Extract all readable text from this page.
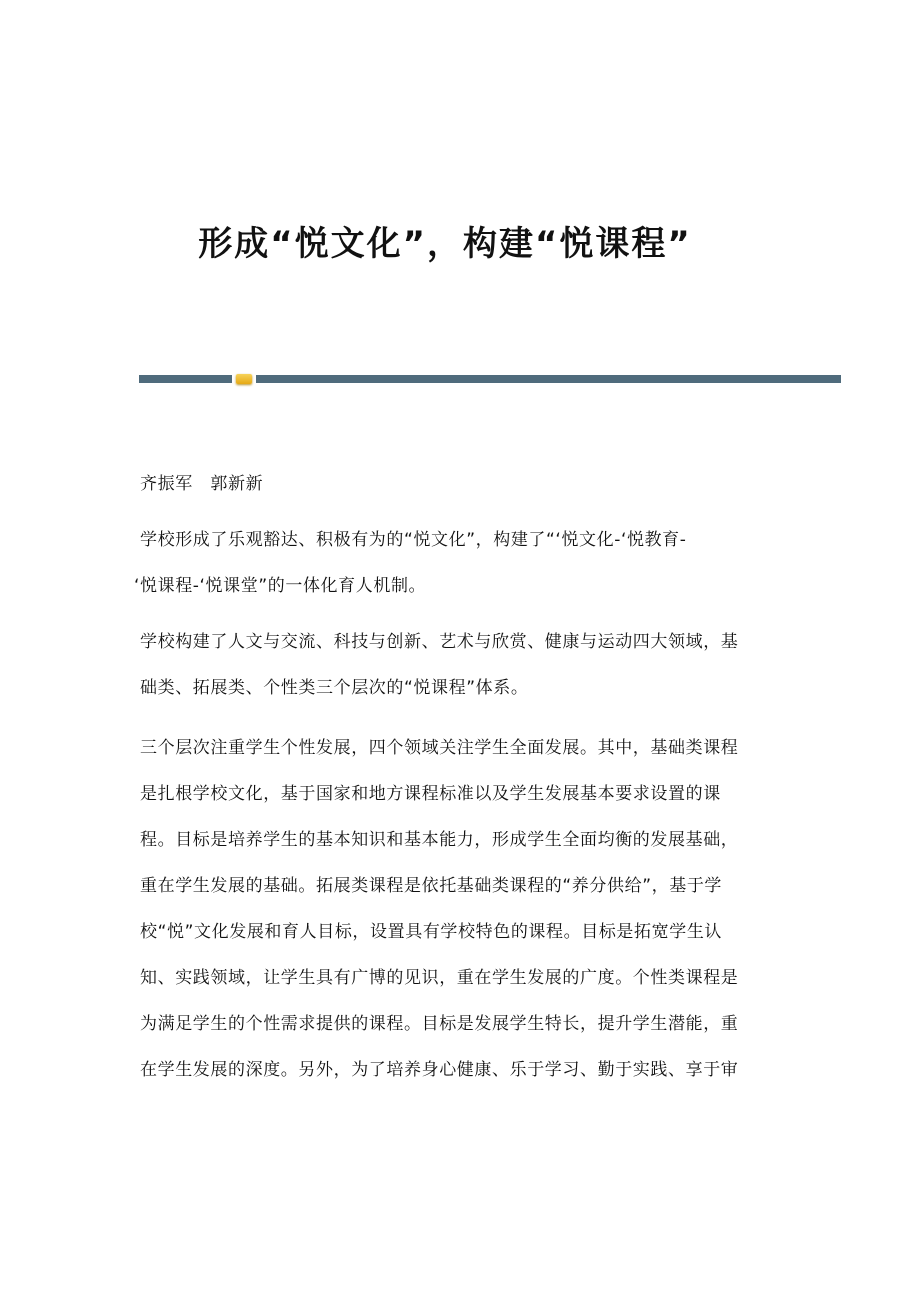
形成“悦文化”，构建“悦课程”
齐振军　郭新新
学校形成了乐观豁达、积极有为的“悦文化”，构建了“‘悦文化-‘悦教育-
‘悦课程-‘悦课堂”的一体化育人机制。
学校构建了人文与交流、科技与创新、艺术与欣赏、健康与运动四大领域，基
础类、拓展类、个性类三个层次的“悦课程”体系。
三个层次注重学生个性发展，四个领域关注学生全面发展。其中，基础类课程
是扎根学校文化，基于国家和地方课程标准以及学生发展基本要求设置的课
程。目标是培养学生的基本知识和基本能力，形成学生全面均衡的发展基础，
重在学生发展的基础。拓展类课程是依托基础类课程的“养分供给”，基于学
校“悦”文化发展和育人目标，设置具有学校特色的课程。目标是拓宽学生认
知、实践领域，让学生具有广博的见识，重在学生发展的广度。个性类课程是
为满足学生的个性需求提供的课程。目标是发展学生特长，提升学生潜能，重
在学生发展的深度。另外，为了培养身心健康、乐于学习、勤于实践、享于审
